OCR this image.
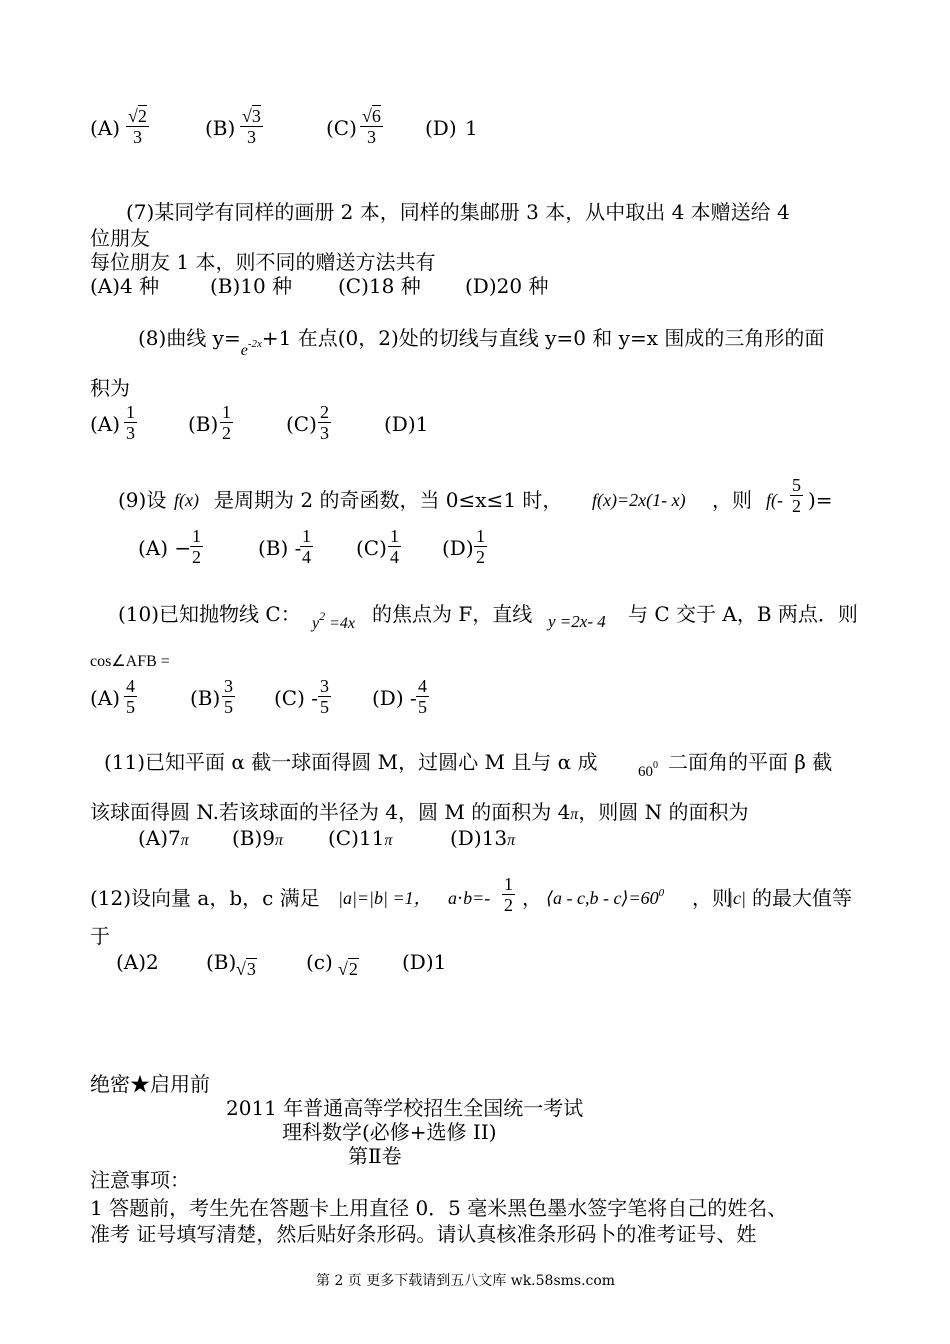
$(A) \frac{√2}{3}$	$(B) \frac{√3}{3}$	$(C) \frac{√6}{3} (D)$ 1
(7)某同学有同样的画册 2 本，同样的集邮册 3 本，从中取出 4 本赠送给 4
位朋友
每位朋友 1 本，则不同的赠送方法共有
(A)4 种	(B)10 种 (C)18 种 (D)20 种
(8)曲线 $y=_e-2x+1$ 在点(0，2)处的切线与直线 y=0 和 y=x 围成的三角形的面
积为
$(A) \frac{1}{3}$	$(B) \frac{1}{2}$	$(C) \frac{2}{3}$	(D)1
(9)设 f(x) 是周期为 2 的奇函数，当 0≤x≤1 时， f(x)=2x(1- x) ，则 $f(- \frac{5}{2}$ )=
(A) −
$\frac{1}{2}$	(B) -
$\frac{1}{4} (C) \frac{1}{4} (D) \frac{1}{2}$
(10)已知抛物线 C： $y^2 =4x$ 的焦点为 F，直线 y =2x- 4 与 C 交于 A，B 两点．则
cos∠AFB =
$(A) \frac{4}{5}$	$(B) \frac{3}{5} (C) - \frac{3}{5} (D) - \frac{4}{5}$
(11)已知平面 α 截一球面得圆 M，过圆心 M 且与 α 成	$60^0$ 二面角的平面 β 截
该球面得圆 N.若该球面的半径为 4，圆 M 的面积为 4π，则圆 N 的面积为
(A)7π (B)9π (C)11π	(D)13π
(12)设向量 a，b，c 满足 |a|=|b| =1， $a\cdot b=- \frac{1}{2}$ ， ⟨a - $c,b - c⟩=60^0$ ，则
|c| 的最大值等
于
(A)2 (B) √3	(c) √2 (D)1
绝密★启用前
2011 年普通高等学校招生全国统一考试
理科数学(必修+选修 II)
第Ⅱ卷
注意事项：
1 答题前，考生先在答题卡上用直径 0．5 毫米黑色墨水签字笔将自己的姓名、
准考 证号填写清楚，然后贴好条形码。请认真核准条形码卜的准考证号、姓
第 2 页 更多下载请到五八文库 wk.58sms.com
